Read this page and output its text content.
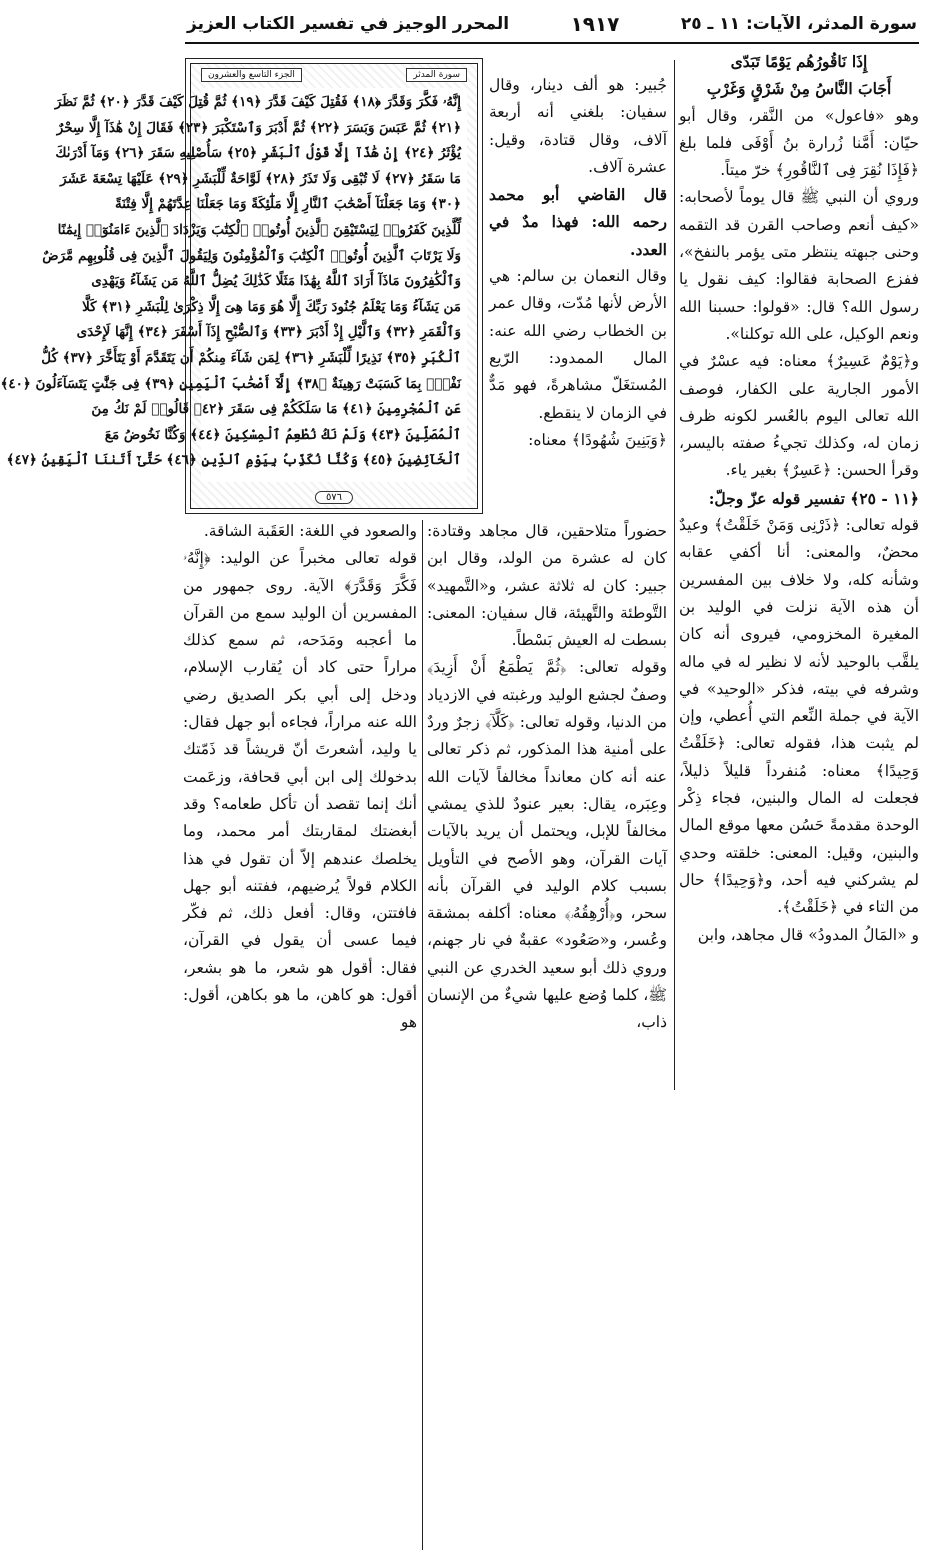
سورة المدثر، الآيات: ١١ ـ ٢٥
١٩١٧
المحرر الوجيز في تفسير الكتاب العزيز

إِذَا نَاقُورُهُم يَوْمًا تَبَدّى

أَجَابَ النَّاسُ مِنْ شَرْقٍ وَغَرْبِ

وهو «فاعول» من النَّقر، وقال أبو حيّان: أَمَّنا زُرارة بنُ أَوْفَى فلما بلغ ﴿فَإِذَا نُقِرَ فِى ٱلنَّاقُورِ﴾ خرّ ميتاً.

وروي أن النبي ﷺ قال يوماً لأصحابه: «كيف أنعم وصاحب القرن قد التقمه وحنى جبهته ينتظر متى يؤمر بالنفخ»، ففزع الصحابة فقالوا: كيف نقول يا رسول الله؟ قال: «قولوا: حسبنا الله ونعم الوكيل، على الله توكلنا».

و﴿يَوْمٌ عَسِيرٌ﴾ معناه: فيه عسْرٌ في الأمور الجارية على الكفار، فوصف الله تعالى اليوم بالعُسر لكونه ظرف زمان له، وكذلك تجيءُ صفته باليسر، وقرأ الحسن: ﴿عَسِرٌ﴾ بغير ياء.

﴿١١ - ٢٥﴾ تفسير قوله عزّ وجلّ:

قوله تعالى: ﴿ذَرْنِى وَمَنْ خَلَقْتُ﴾ وعيدٌ محضٌ، والمعنى: أنا أكفي عقابه وشأنه كله، ولا خلاف بين المفسرين أن هذه الآية نزلت في الوليد بن المغيرة المخزومي، فيروى أنه كان يلقَّب بالوحيد لأنه لا نظير له في ماله وشرفه في بيته، فذكر «الوحيد» في الآية في جملة النِّعم التي أُعطي، وإن لم يثبت هذا، فقوله تعالى: ﴿خَلَقْتُ وَحِيدًا﴾ معناه: مُنفرداً قليلاً ذليلاً، فجعلت له المال والبنين، فجاء ذِكْر الوحدة مقدمةً حَسُن معها موقع المال والبنين، وقيل: المعنى: خلقته وحدي لم يشركني فيه أحد، و﴿وَحِيدًا﴾ حال من التاء في ﴿خَلَقْتُ﴾.

و «المَالُ المدودُ» قال مجاهد، وابن

جُبير: هو ألف دينار، وقال سفيان: بلغني أنه أربعة آلاف، وقال قتادة، وقيل: عشرة آلاف.

قال القاضي أبو محمد رحمه الله: فهذا مدٌ في العدد.

وقال النعمان بن سالم: هي الأرض لأنها مُدّت، وقال عمر بن الخطاب رضي الله عنه: المال الممدود: الرّيع المُستغَلّ مشاهرةً، فهو مَدٌّ في الزمان لا ينقطع.

﴿وَبَنِينَ شُهُودًا﴾ معناه:

سورة المدثر
الجزء التاسع والعشرون
إِنَّهُۥ فَكَّرَ وَقَدَّرَ ﴿١٨﴾ فَقُتِلَ كَيْفَ قَدَّرَ ﴿١٩﴾ ثُمَّ قُتِلَ كَيْفَ قَدَّرَ ﴿٢٠﴾ ثُمَّ نَظَرَ
﴿٢١﴾ ثُمَّ عَبَسَ وَبَسَرَ ﴿٢٢﴾ ثُمَّ أَدْبَرَ وَٱسْتَكْبَرَ ﴿٢٣﴾ فَقَالَ إِنْ هَٰذَآ إِلَّا سِحْرٌ
يُؤْثَرُ ﴿٢٤﴾ إِنْ هَٰذَآ إِلَّا قَوْلُ ٱلْبَشَرِ ﴿٢٥﴾ سَأُصْلِيهِ سَقَرَ ﴿٢٦﴾ وَمَآ أَدْرَىٰكَ
مَا سَقَرُ ﴿٢٧﴾ لَا تُبْقِى وَلَا تَذَرُ ﴿٢٨﴾ لَوَّاحَةٌ لِّلْبَشَرِ ﴿٢٩﴾ عَلَيْهَا تِسْعَةَ عَشَرَ
﴿٣٠﴾ وَمَا جَعَلْنَآ أَصْحَٰبَ ٱلنَّارِ إِلَّا مَلَٰٓئِكَةً وَمَا جَعَلْنَا عِدَّتَهُمْ إِلَّا فِتْنَةً
لِّلَّذِينَ كَفَرُوا۟ لِيَسْتَيْقِنَ ٱلَّذِينَ أُوتُوا۟ ٱلْكِتَٰبَ وَيَزْدَادَ ٱلَّذِينَ ءَامَنُوٓا۟ إِيمَٰنًا
وَلَا يَرْتَابَ ٱلَّذِينَ أُوتُوا۟ ٱلْكِتَٰبَ وَٱلْمُؤْمِنُونَ وَلِيَقُولَ ٱلَّذِينَ فِى قُلُوبِهِم مَّرَضٌ
وَٱلْكَٰفِرُونَ مَاذَآ أَرَادَ ٱللَّهُ بِهَٰذَا مَثَلًا كَذَٰلِكَ يُضِلُّ ٱللَّهُ مَن يَشَآءُ وَيَهْدِى
مَن يَشَآءُ وَمَا يَعْلَمُ جُنُودَ رَبِّكَ إِلَّا هُوَ وَمَا هِىَ إِلَّا ذِكْرَىٰ لِلْبَشَرِ ﴿٣١﴾ كَلَّا
وَٱلْقَمَرِ ﴿٣٢﴾ وَٱلَّيْلِ إِذْ أَدْبَرَ ﴿٣٣﴾ وَٱلصُّبْحِ إِذَآ أَسْفَرَ ﴿٣٤﴾ إِنَّهَا لَإِحْدَى
ٱلْكُبَرِ ﴿٣٥﴾ نَذِيرًا لِّلْبَشَرِ ﴿٣٦﴾ لِمَن شَآءَ مِنكُمْ أَن يَتَقَدَّمَ أَوْ يَتَأَخَّرَ ﴿٣٧﴾ كُلُّ
نَفْسٍۭ بِمَا كَسَبَتْ رَهِينَةٌ ﴿٣٨﴾ إِلَّآ أَصْحَٰبَ ٱلْيَمِينِ ﴿٣٩﴾ فِى جَنَّٰتٍ يَتَسَآءَلُونَ ﴿٤٠﴾
عَنِ ٱلْمُجْرِمِينَ ﴿٤١﴾ مَا سَلَكَكُمْ فِى سَقَرَ ﴿٤٢﴾ قَالُوا۟ لَمْ نَكُ مِنَ
ٱلْمُصَلِّينَ ﴿٤٣﴾ وَلَمْ نَكُ نُطْعِمُ ٱلْمِسْكِينَ ﴿٤٤﴾ وَكُنَّا نَخُوضُ مَعَ
ٱلْخَآئِضِينَ ﴿٤٥﴾ وَكُنَّا نُكَذِّبُ بِيَوْمِ ٱلدِّينِ ﴿٤٦﴾ حَتَّىٰٓ أَتَىٰنَا ٱلْيَقِينُ ﴿٤٧﴾
٥٧٦

حضوراً متلاحقين، قال مجاهد وقتادة: كان له عشرة من الولد، وقال ابن جبير: كان له ثلاثة عشر، و«التَّمهيد» التَّوطئة والتَّهيئة، قال سفيان: المعنى: بسطت له العيش بَسْطاً.

وقوله تعالى: ﴿ثُمَّ يَطْمَعُ أَنْ أَزِيدَ﴾ وصفٌ لجشع الوليد ورغبته في الازدياد من الدنيا، وقوله تعالى: ﴿كَلَّآ﴾ زجرٌ وردٌ على أمنية هذا المذكور، ثم ذكر تعالى عنه أنه كان معانداً مخالفاً لآيات الله وعِبَره، يقال: بعير عنودٌ للذي يمشي مخالفاً للإبل، ويحتمل أن يريد بالآيات آيات القرآن، وهو الأصح في التأويل بسبب كلام الوليد في القرآن بأنه سحر، و﴿أُرْهِقُهُۥ﴾ معناه: أكلفه بمشقة وعُسر، و«صَعُود» عقبةٌ في نار جهنم، وروي ذلك أبو سعيد الخدري عن النبي ﷺ، كلما وُضع عليها شيءٌ من الإنسان ذاب،

والصعود في اللغة: العَقَبة الشاقة.

قوله تعالى مخبراً عن الوليد: ﴿إِنَّهُۥ فَكَّرَ وَقَدَّرَ﴾ الآية. روى جمهور من المفسرين أن الوليد سمع من القرآن ما أعجبه ومَدَحه، ثم سمع كذلك مراراً حتى كاد أن يُقارب الإسلام، ودخل إلى أبي بكر الصديق رضي الله عنه مراراً، فجاءه أبو جهل فقال: يا وليد، أشعرتَ أنّ قريشاً قد ذَمّتك بدخولك إلى ابن أبي قحافة، وزعَمت أنك إنما تقصد أن تأكل طعامه؟ وقد أبغضتك لمقاربتك أمر محمد، وما يخلصك عندهم إلاّ أن تقول في هذا الكلام قولاً يُرضيهم، ففتنه أبو جهل فافتتن، وقال: أفعل ذلك، ثم فكّر فيما عسى أن يقول في القرآن، فقال: أقول هو شعر، ما هو بشعر، أقول: هو كاهن، ما هو بكاهن، أقول: هو
